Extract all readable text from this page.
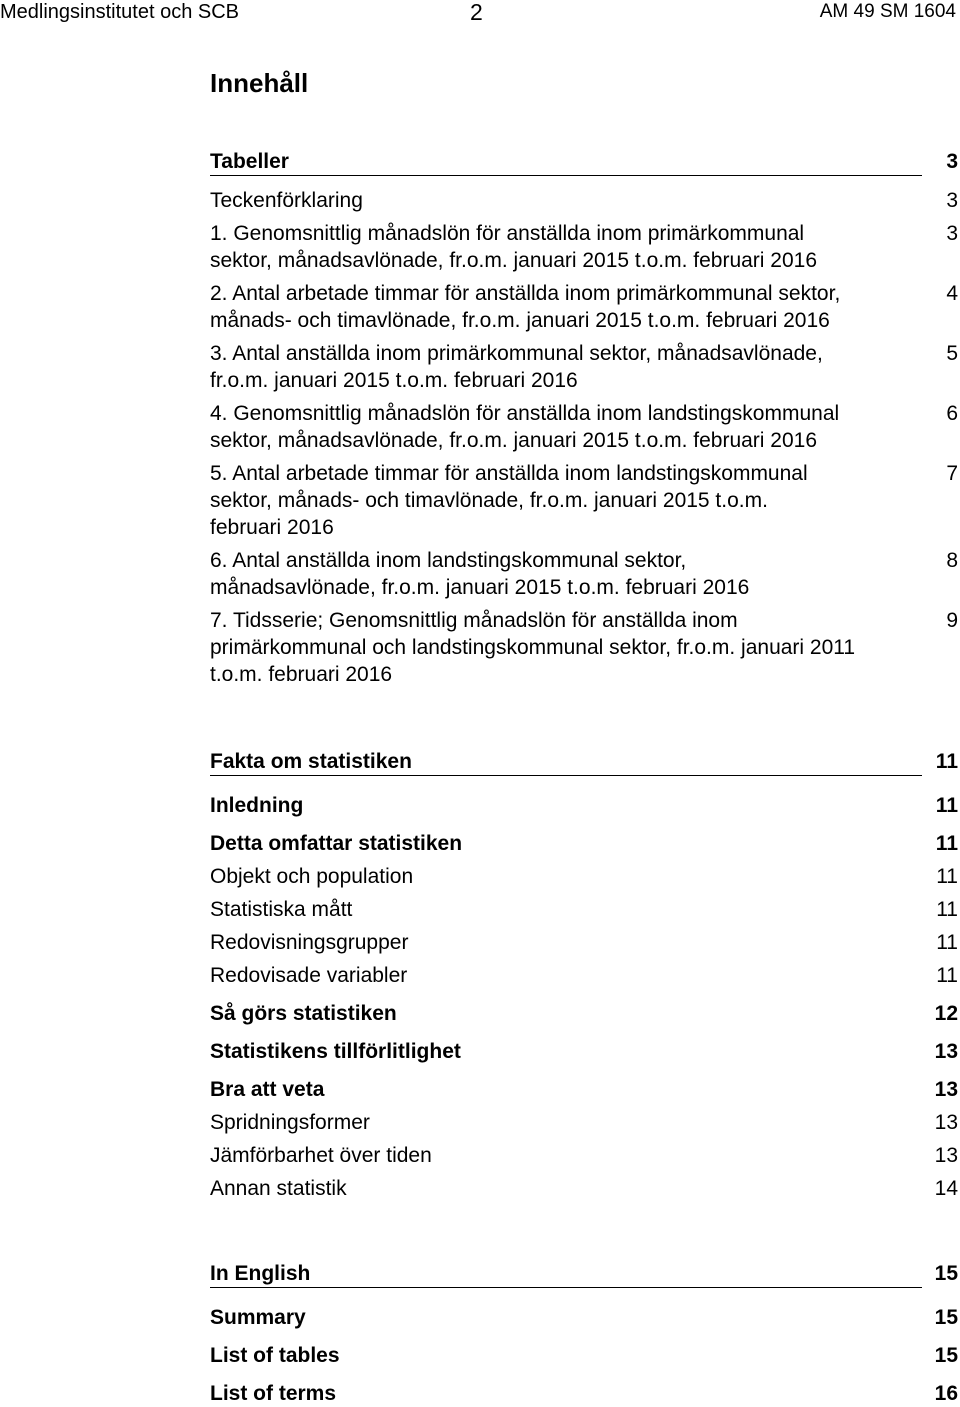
Medlingsinstitutet och SCB	2	AM 49 SM 1604
Innehåll
Tabeller	3
Teckenförklaring	3
1. Genomsnittlig månadslön för anställda inom primärkommunal
sektor, månadsavlönade, fr.o.m. januari 2015 t.o.m. februari 2016
3
2. Antal arbetade timmar för anställda inom primärkommunal sektor,
månads- och timavlönade, fr.o.m. januari 2015 t.o.m. februari 2016
4
3. Antal anställda inom primärkommunal sektor, månadsavlönade,
fr.o.m. januari 2015 t.o.m. februari 2016
5
4. Genomsnittlig månadslön för anställda inom landstingskommunal
sektor, månadsavlönade, fr.o.m. januari 2015 t.o.m. februari 2016
6
5. Antal arbetade timmar för anställda inom landstingskommunal
sektor, månads- och timavlönade, fr.o.m. januari 2015 t.o.m.
februari 2016
7
6. Antal anställda inom landstingskommunal sektor,
månadsavlönade, fr.o.m. januari 2015 t.o.m. februari 2016
8
7. Tidsserie; Genomsnittlig månadslön för anställda inom
primärkommunal och landstingskommunal sektor, fr.o.m. januari 2011
t.o.m. februari 2016
9
Fakta om statistiken	11
Inledning	11
Detta omfattar statistiken	11
Objekt och population	11
Statistiska mått	11
Redovisningsgrupper	11
Redovisade variabler	11
Så görs statistiken	12
Statistikens tillförlitlighet	13
Bra att veta	13
Spridningsformer	13
Jämförbarhet över tiden	13
Annan statistik	14
In English	15
Summary	15
List of tables	15
List of terms	16
